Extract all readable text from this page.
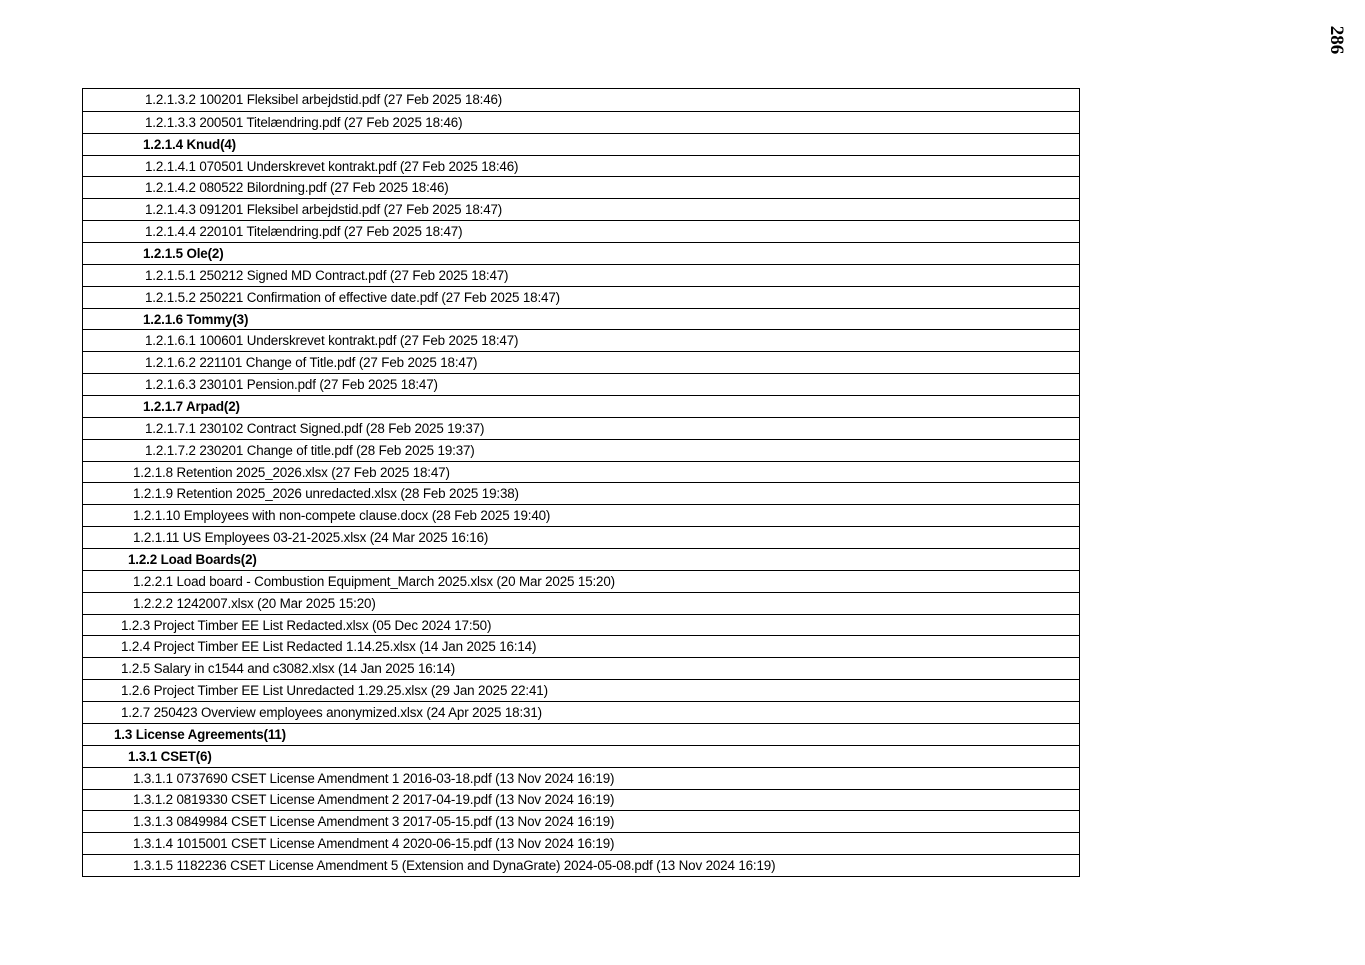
286
1.2.1.3.2 100201 Fleksibel arbejdstid.pdf (27 Feb 2025 18:46)
1.2.1.3.3 200501 Titelændring.pdf (27 Feb 2025 18:46)
1.2.1.4 Knud(4)
1.2.1.4.1 070501 Underskrevet kontrakt.pdf (27 Feb 2025 18:46)
1.2.1.4.2 080522 Bilordning.pdf (27 Feb 2025 18:46)
1.2.1.4.3 091201 Fleksibel arbejdstid.pdf (27 Feb 2025 18:47)
1.2.1.4.4 220101 Titelændring.pdf (27 Feb 2025 18:47)
1.2.1.5 Ole(2)
1.2.1.5.1 250212 Signed MD Contract.pdf (27 Feb 2025 18:47)
1.2.1.5.2 250221 Confirmation of effective date.pdf (27 Feb 2025 18:47)
1.2.1.6 Tommy(3)
1.2.1.6.1 100601 Underskrevet kontrakt.pdf (27 Feb 2025 18:47)
1.2.1.6.2 221101 Change of Title.pdf (27 Feb 2025 18:47)
1.2.1.6.3 230101 Pension.pdf (27 Feb 2025 18:47)
1.2.1.7 Arpad(2)
1.2.1.7.1 230102 Contract Signed.pdf (28 Feb 2025 19:37)
1.2.1.7.2 230201 Change of title.pdf (28 Feb 2025 19:37)
1.2.1.8 Retention 2025_2026.xlsx (27 Feb 2025 18:47)
1.2.1.9 Retention 2025_2026 unredacted.xlsx (28 Feb 2025 19:38)
1.2.1.10 Employees with non-compete clause.docx (28 Feb 2025 19:40)
1.2.1.11 US Employees 03-21-2025.xlsx (24 Mar 2025 16:16)
1.2.2 Load Boards(2)
1.2.2.1 Load board - Combustion Equipment_March 2025.xlsx (20 Mar 2025 15:20)
1.2.2.2 1242007.xlsx (20 Mar 2025 15:20)
1.2.3 Project Timber EE List Redacted.xlsx (05 Dec 2024 17:50)
1.2.4 Project Timber EE List Redacted 1.14.25.xlsx (14 Jan 2025 16:14)
1.2.5 Salary in c1544 and c3082.xlsx (14 Jan 2025 16:14)
1.2.6 Project Timber EE List Unredacted 1.29.25.xlsx (29 Jan 2025 22:41)
1.2.7 250423 Overview employees anonymized.xlsx (24 Apr 2025 18:31)
1.3 License Agreements(11)
1.3.1 CSET(6)
1.3.1.1 0737690 CSET License Amendment 1 2016-03-18.pdf (13 Nov 2024 16:19)
1.3.1.2 0819330 CSET License Amendment 2 2017-04-19.pdf (13 Nov 2024 16:19)
1.3.1.3 0849984 CSET License Amendment 3 2017-05-15.pdf (13 Nov 2024 16:19)
1.3.1.4 1015001 CSET License Amendment 4 2020-06-15.pdf (13 Nov 2024 16:19)
1.3.1.5 1182236 CSET License Amendment 5 (Extension and DynaGrate) 2024-05-08.pdf (13 Nov 2024 16:19)
